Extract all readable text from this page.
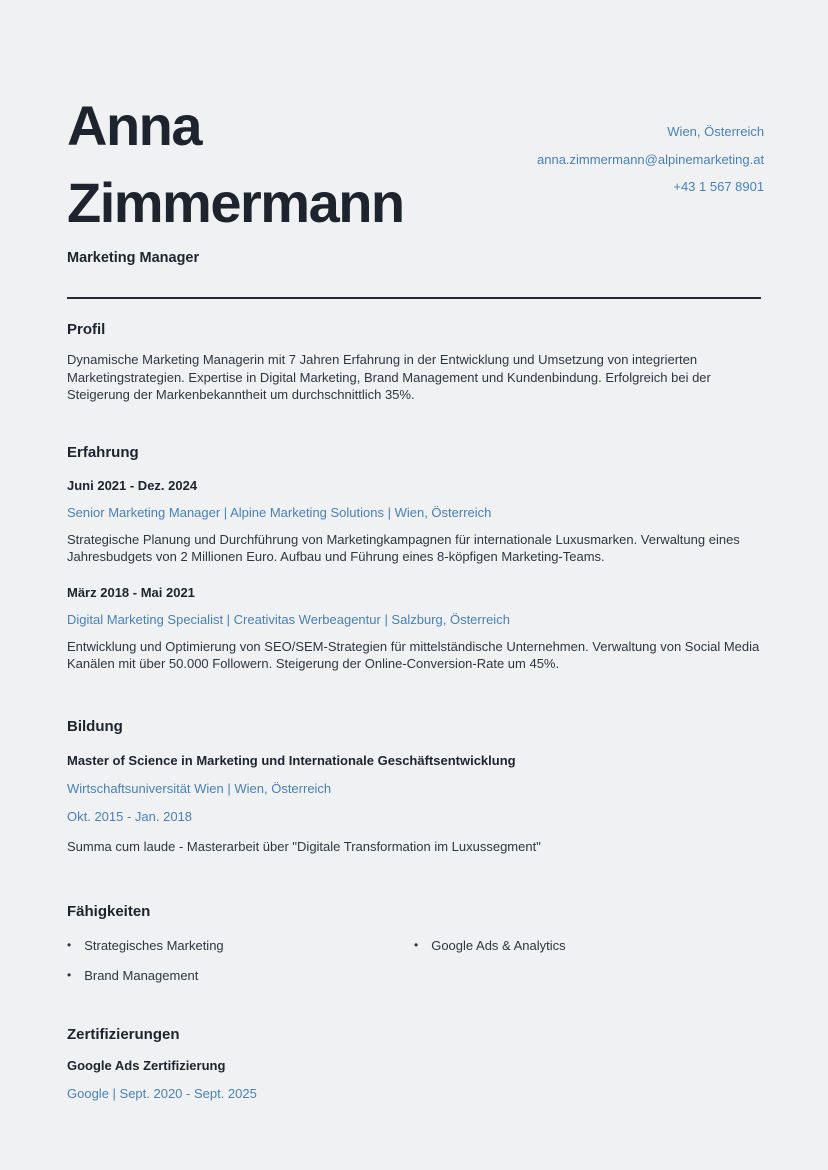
Anna Zimmermann
Marketing Manager
Wien, Österreich
anna.zimmermann@alpinemarketing.at
+43 1 567 8901
Profil
Dynamische Marketing Managerin mit 7 Jahren Erfahrung in der Entwicklung und Umsetzung von integrierten Marketingstrategien. Expertise in Digital Marketing, Brand Management und Kundenbindung. Erfolgreich bei der Steigerung der Markenbekanntheit um durchschnittlich 35%.
Erfahrung
Juni 2021 - Dez. 2024
Senior Marketing Manager | Alpine Marketing Solutions | Wien, Österreich
Strategische Planung und Durchführung von Marketingkampagnen für internationale Luxusmarken. Verwaltung eines Jahresbudgets von 2 Millionen Euro. Aufbau und Führung eines 8-köpfigen Marketing-Teams.
März 2018 - Mai 2021
Digital Marketing Specialist | Creativitas Werbeagentur | Salzburg, Österreich
Entwicklung und Optimierung von SEO/SEM-Strategien für mittelständische Unternehmen. Verwaltung von Social Media Kanälen mit über 50.000 Followern. Steigerung der Online-Conversion-Rate um 45%.
Bildung
Master of Science in Marketing und Internationale Geschäftsentwicklung
Wirtschaftsuniversität Wien | Wien, Österreich
Okt. 2015 - Jan. 2018
Summa cum laude - Masterarbeit über "Digitale Transformation im Luxussegment"
Fähigkeiten
• Strategisches Marketing
• Brand Management
• Google Ads & Analytics
Zertifizierungen
Google Ads Zertifizierung
Google | Sept. 2020 - Sept. 2025
